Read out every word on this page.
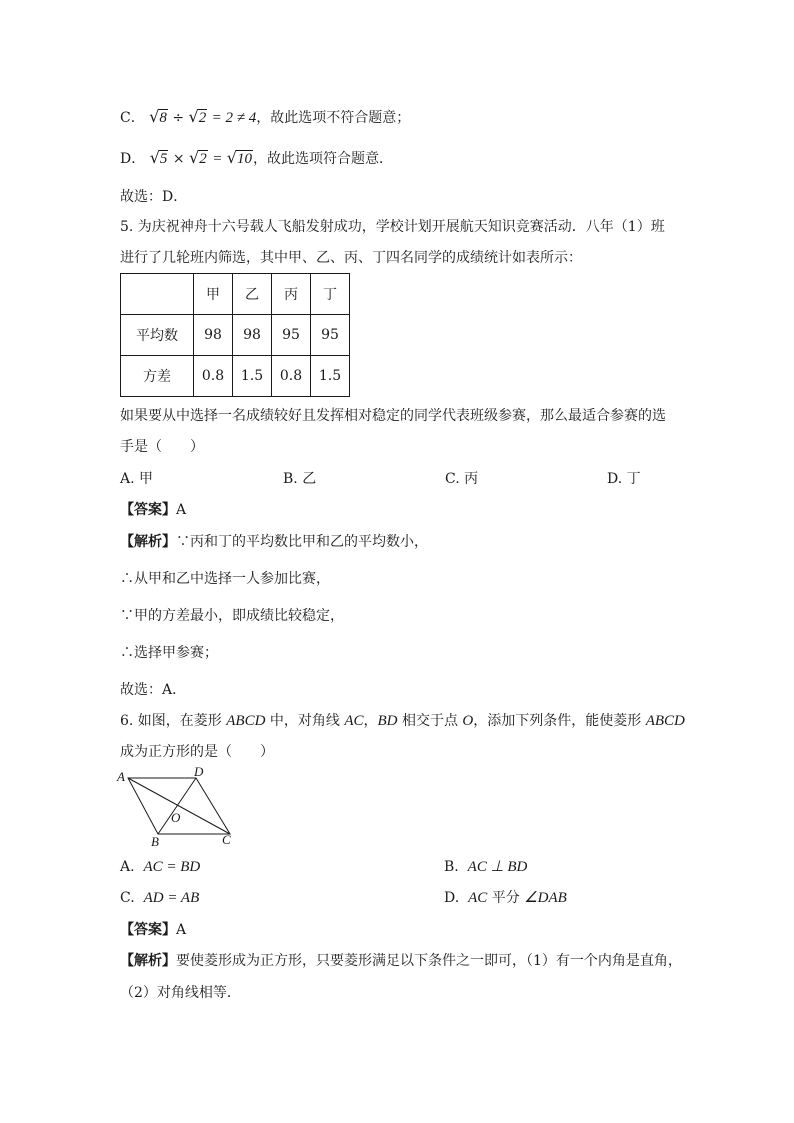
C． √8 ÷ √2 = 2 ≠ 4，故此选项不符合题意；
D． √5 × √2 = √10，故此选项符合题意．
故选：D．
5. 为庆祝神舟十六号载人飞船发射成功，学校计划开展航天知识竞赛活动．八年（1）班
进行了几轮班内筛选，其中甲、乙、丙、丁四名同学的成绩统计如表所示：
	甲	乙	丙	丁
平均数	98	98	95	95
方差	0.8	1.5	0.8	1.5
如果要从中选择一名成绩较好且发挥相对稳定的同学代表班级参赛，那么最适合参赛的选
手是（　　）
A. 甲	B. 乙	C. 丙	D. 丁
【答案】A
【解析】∵丙和丁的平均数比甲和乙的平均数小，
∴从甲和乙中选择一人参加比赛，
∵甲的方差最小，即成绩比较稳定，
∴选择甲参赛；
故选：A．
6. 如图，在菱形 ABCD 中，对角线 AC，BD 相交于点 O，添加下列条件，能使菱形 ABCD
成为正方形的是（　　）
A	D
O
B	C
A. AC = BD	B. AC ⊥ BD
C. AD = AB	D. AC 平分 ∠DAB
【答案】A
【解析】要使菱形成为正方形，只要菱形满足以下条件之一即可，（1）有一个内角是直角，
（2）对角线相等．
